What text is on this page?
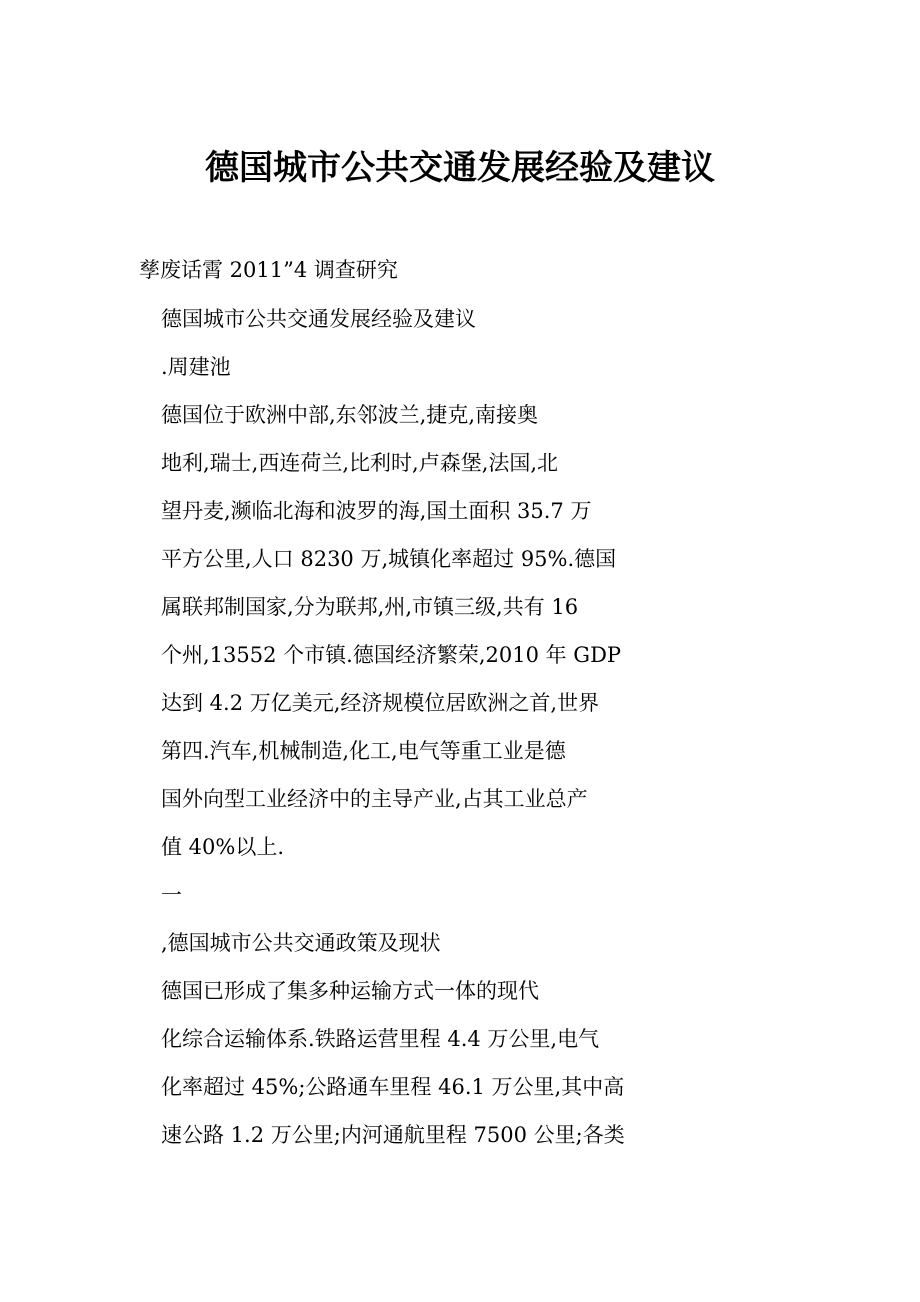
德国城市公共交通发展经验及建议

孳废话霄 2011”4 调查研究

德国城市公共交通发展经验及建议
.周建池
德国位于欧洲中部,东邻波兰,捷克,南接奥
地利,瑞士,西连荷兰,比利时,卢森堡,法国,北
望丹麦,濒临北海和波罗的海,国土面积 35.7 万
平方公里,人口 8230 万,城镇化率超过 95%.德国
属联邦制国家,分为联邦,州,市镇三级,共有 16
个州,13552 个市镇.德国经济繁荣,2010 年 GDP
达到 4.2 万亿美元,经济规模位居欧洲之首,世界
第四.汽车,机械制造,化工,电气等重工业是德
国外向型工业经济中的主导产业,占其工业总产
值 40%以上.
一
,德国城市公共交通政策及现状
德国已形成了集多种运输方式一体的现代
化综合运输体系.铁路运营里程 4.4 万公里,电气
化率超过 45%;公路通车里程 46.1 万公里,其中高
速公路 1.2 万公里;内河通航里程 7500 公里;各类
